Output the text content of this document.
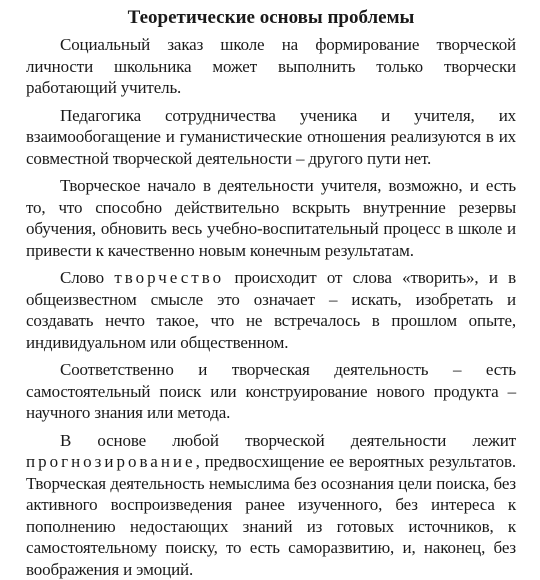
Теоретические основы проблемы

Социальный заказ школе на формирование творческой личности школьника может выполнить только творчески работающий учитель.

Педагогика сотрудничества ученика и учителя, их взаимообогащение и гуманистические отношения реализуются в их совместной творческой деятельности – другого пути нет.

Творческое начало в деятельности учителя, возможно, и есть то, что способно действительно вскрыть внутренние резервы обучения, обновить весь учебно-воспитательный процесс в школе и привести к качественно новым конечным результатам.

Слово творчество происходит от слова «творить», и в общеизвестном смысле это означает – искать, изобретать и создавать нечто такое, что не встречалось в прошлом опыте, индивидуальном или общественном.

Соответственно и творческая деятельность – есть самостоятельный поиск или конструирование нового продукта – научного знания или метода.

В основе любой творческой деятельности лежит прогнозирование, предвосхищение ее вероятных результатов. Творческая деятельность немыслима без осознания цели поиска, без активного воспроизведения ранее изученного, без интереса к пополнению недостающих знаний из готовых источников, к самостоятельному поиску, то есть саморазвитию, и, наконец, без воображения и эмоций.
